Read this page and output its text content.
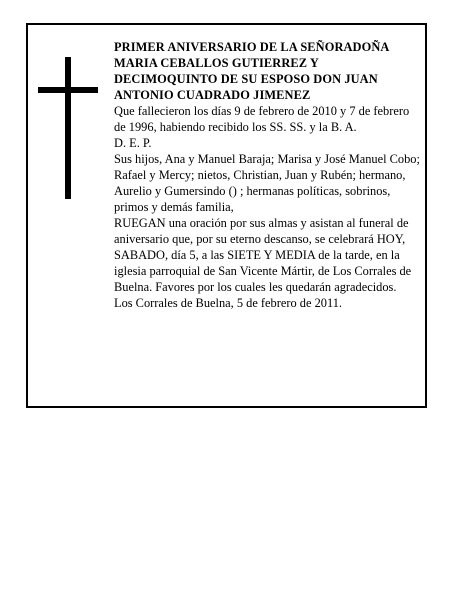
PRIMER ANIVERSARIO DE LA SEÑORADOÑA MARIA CEBALLOS GUTIERREZ Y DECIMOQUINTO DE SU ESPOSO DON JUAN ANTONIO CUADRADO JIMENEZ

Que fallecieron los días 9 de febrero de 2010 y 7 de febrero de 1996, habiendo recibido los SS. SS. y la B. A.

D. E. P.

Sus hijos, Ana y Manuel Baraja; Marisa y José Manuel Cobo; Rafael y Mercy; nietos, Christian, Juan y Rubén; hermano, Aurelio y Gumersindo () ; hermanas políticas, sobrinos, primos y demás familia,

RUEGAN una oración por sus almas y asistan al funeral de aniversario que, por su eterno descanso, se celebrará HOY, SABADO, día 5, a las SIETE Y MEDIA de la tarde, en la iglesia parroquial de San Vicente Mártir, de Los Corrales de Buelna. Favores por los cuales les quedarán agradecidos.

Los Corrales de Buelna, 5 de febrero de 2011.
